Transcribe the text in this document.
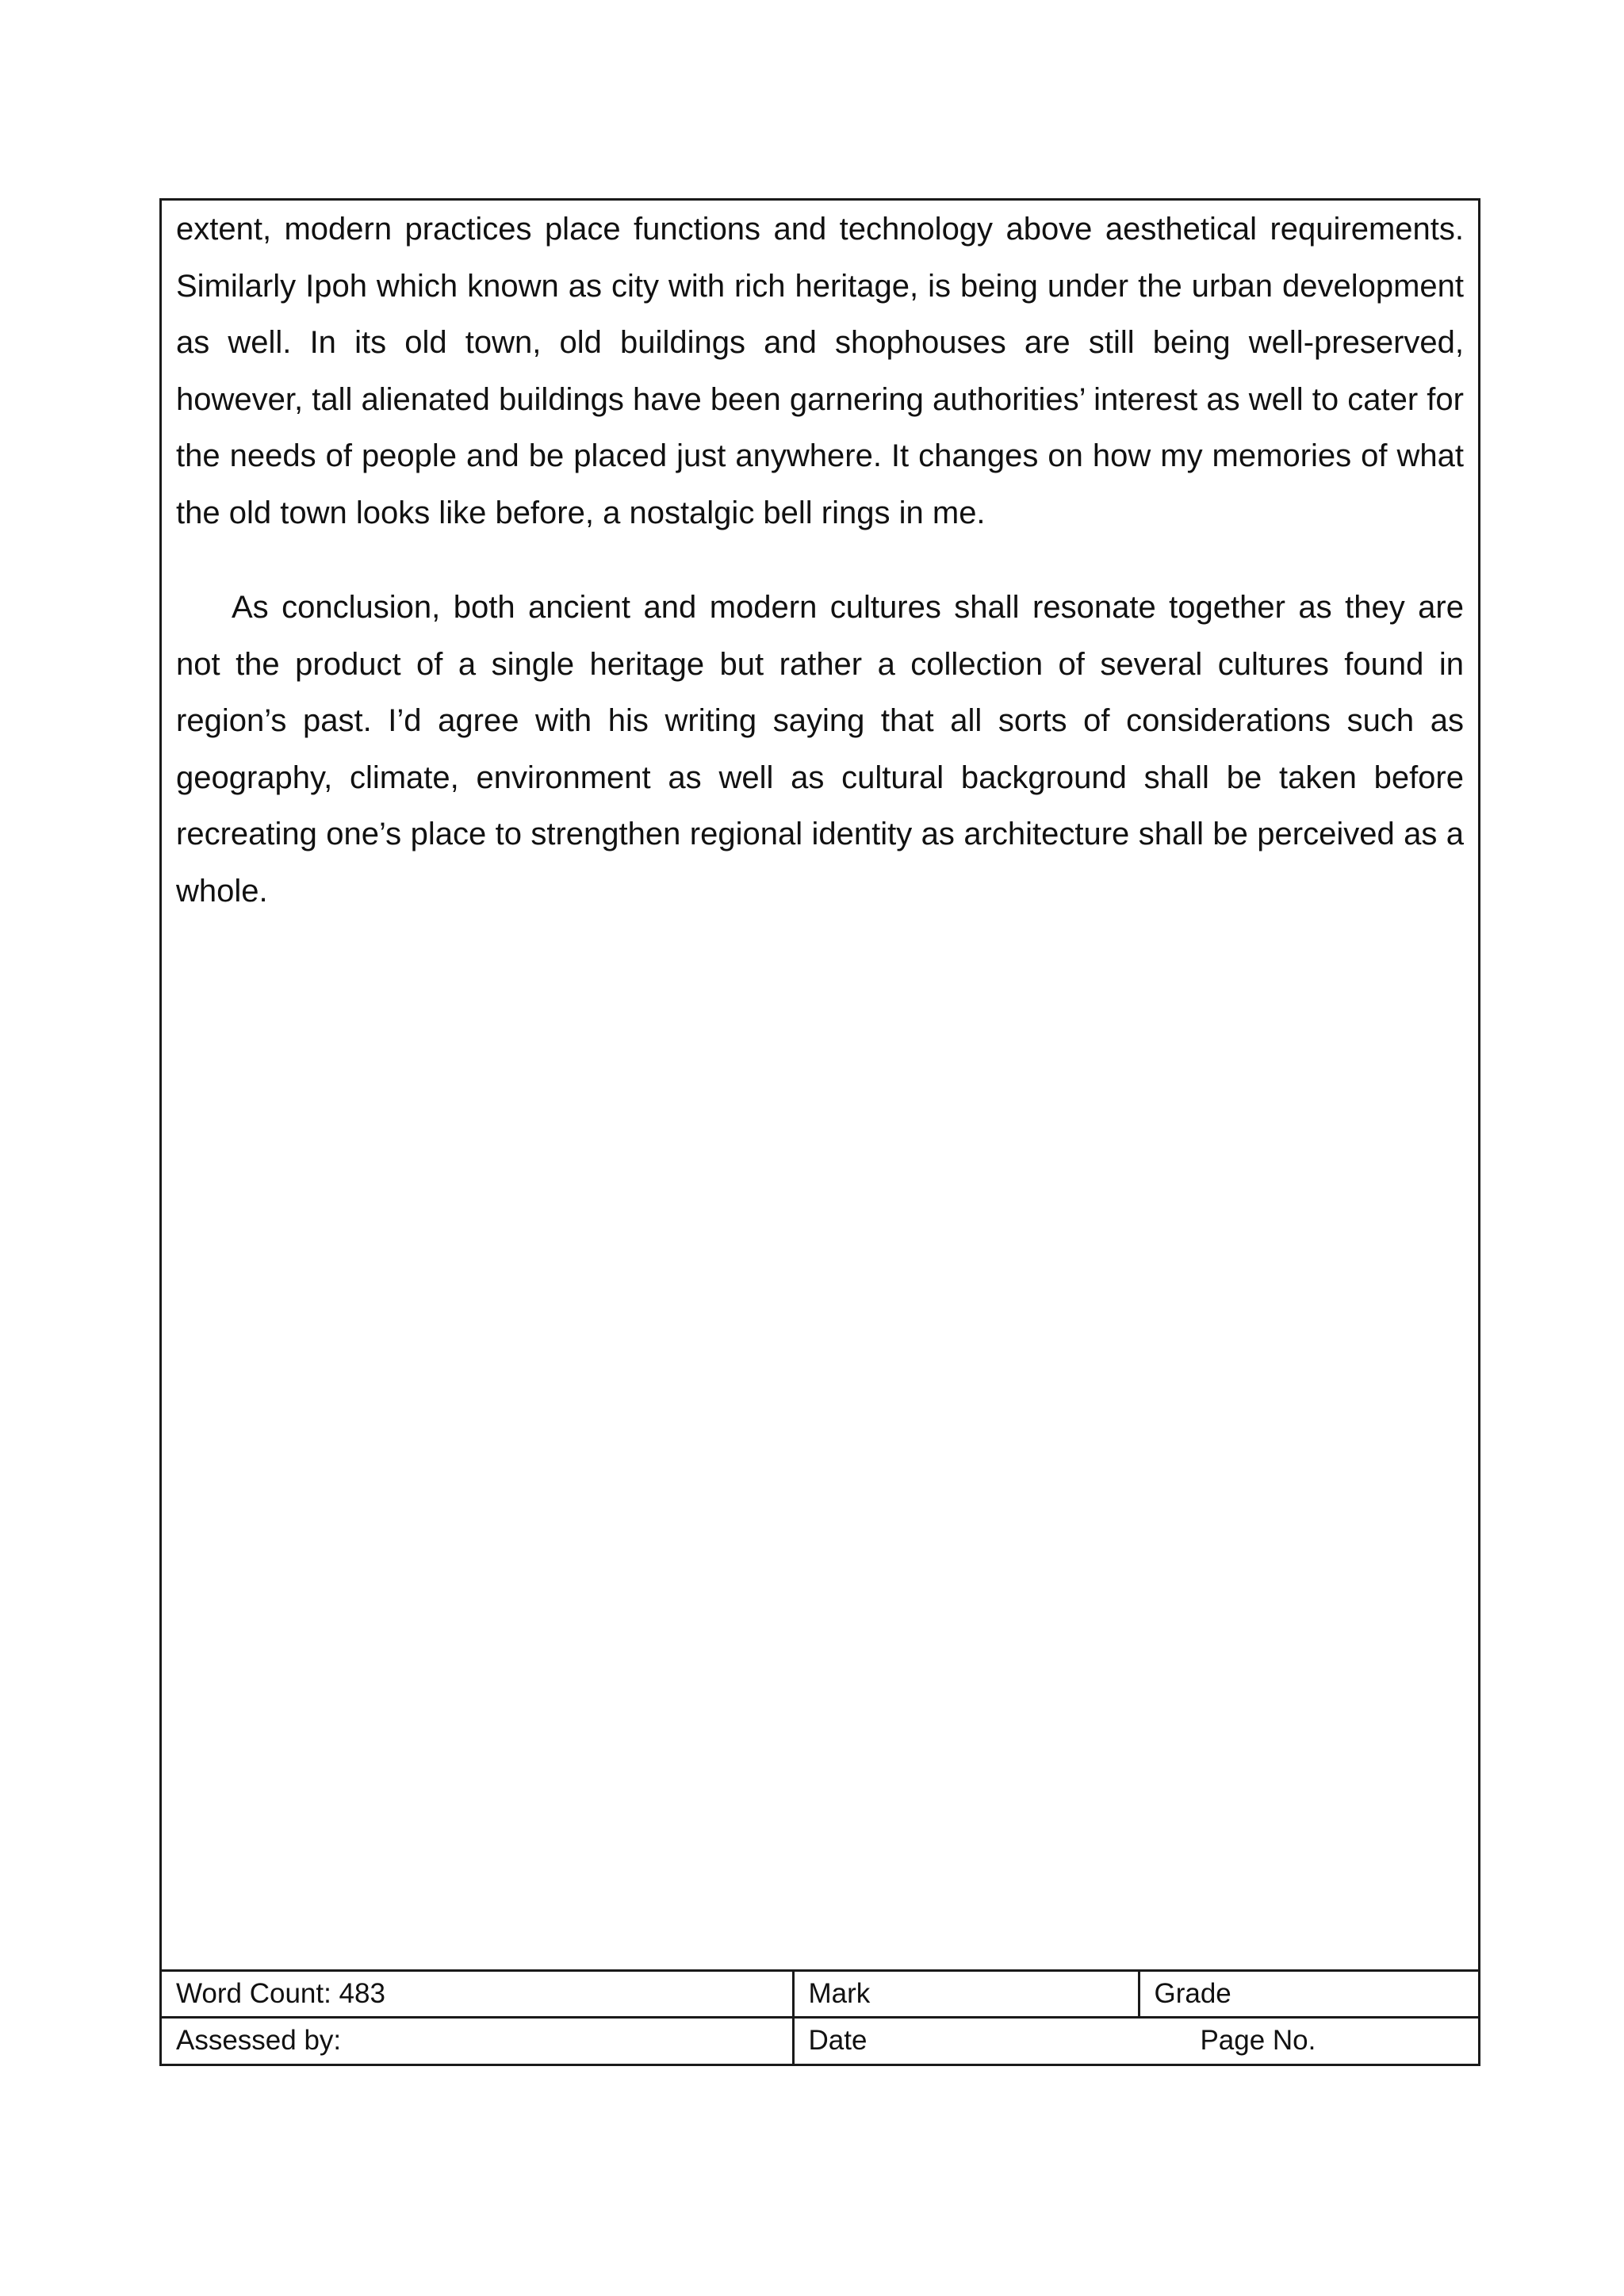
extent, modern practices place functions and technology above aesthetical requirements. Similarly Ipoh which known as city with rich heritage, is being under the urban development as well. In its old town, old buildings and shophouses are still being well-preserved, however, tall alienated buildings have been garnering authorities’ interest as well to cater for the needs of people and be placed just anywhere. It changes on how my memories of what the old town looks like before, a nostalgic bell rings in me.

As conclusion, both ancient and modern cultures shall resonate together as they are not the product of a single heritage but rather a collection of several cultures found in region’s past. I’d agree with his writing saying that all sorts of considerations such as geography, climate, environment as well as cultural background shall be taken before recreating one’s place to strengthen regional identity as architecture shall be perceived as a whole.

Word Count: 483	Mark	Grade
Assessed by:	Date Page No.	
